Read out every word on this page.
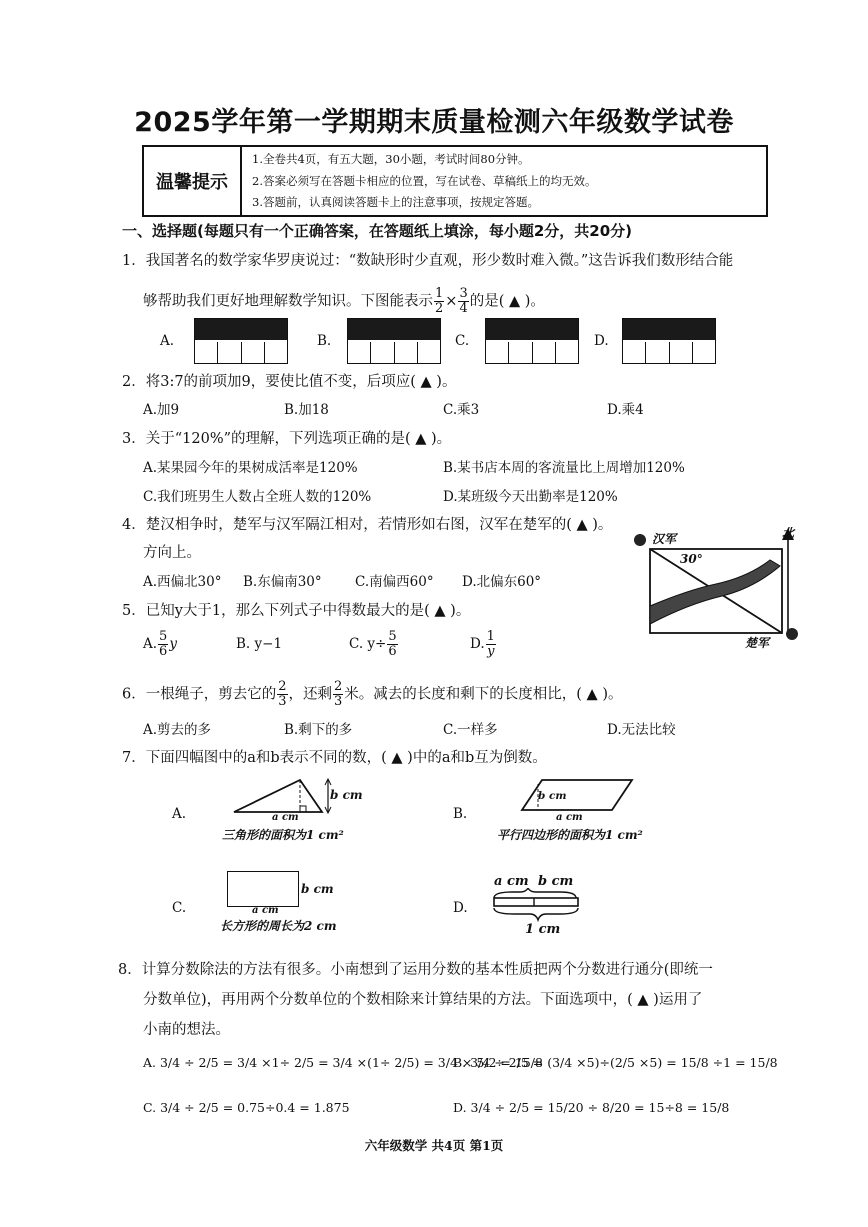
2025学年第一学期期末质量检测六年级数学试卷
温馨提示
1.全卷共4页，有五大题，30小题，考试时间80分钟。
2.答案必须写在答题卡相应的位置，写在试卷、草稿纸上的均无效。
3.答题前，认真阅读答题卡上的注意事项，按规定答题。
一、选择题(每题只有一个正确答案，在答题纸上填涂，每小题2分，共20分)
1．我国著名的数学家华罗庚说过：“数缺形时少直观，形少数时难入微。”这告诉我们数形结合能
够帮助我们更好地理解数学知识。下图能表示 $\frac{1}{2} \times \frac{3}{4}$ 的是( ▲ )。
A.	B.	C.	D.
2．将3:7的前项加9，要使比值不变，后项应( ▲ )。
A.加9	B.加18	C.乘3	D.乘4
3．关于“120%”的理解，下列选项正确的是( ▲ )。
A.某果园今年的果树成活率是120%	B.某书店本周的客流量比上周增加120%
C.我们班男生人数占全班人数的120%	D.某班级今天出勤率是120%
4．楚汉相争时，楚军与汉军隔江相对，若情形如右图，汉军在楚军的( ▲ )。
方向上。
A.西偏北30° B.东偏南30° C.南偏西60° D.北偏东60°
汉军
30°
北
楚军
5．已知y大于1，那么下列式子中得数最大的是( ▲ )。
A. $\frac{5}{6}$ y	B. y−1	C. $y\div \frac{5}{6}$	D. $\frac{1}{y}$
6．一根绳子，剪去它的 $\frac{2}{3}$ ，还剩 $\frac{2}{3}$ 米。减去的长度和剩下的长度相比，( ▲ )。
A.剪去的多	B.剩下的多	C.一样多	D.无法比较
7．下面四幅图中的a和b表示不同的数，( ▲ )中的a和b互为倒数。
A.
b cm
a cm
三角形的面积为1 cm²
B.
b cm
a cm
平行四边形的面积为1 cm²
C.
b cm
a cm
长方形的周长为2 cm
D.
a cm b cm
1 cm
8．计算分数除法的方法有很多。小南想到了运用分数的基本性质把两个分数进行通分(即统一
分数单位)，再用两个分数单位的个数相除来计算结果的方法。下面选项中，( ▲ )运用了
小南的想法。
A. 3/4 ÷ 2/5 = 3/4 ×1÷ 2/5 = 3/4 ×(1÷ 2/5) = 3/4 × 5/2 = 15/8
B. 3/4 ÷ 2/5 = (3/4 ×5)÷(2/5 ×5) = 15/8 ÷1 = 15/8
C. 3/4 ÷ 2/5 = 0.75÷0.4 = 1.875	D. 3/4 ÷ 2/5 = 15/20 ÷ 8/20 = 15÷8 = 15/8
六年级数学 共4页 第1页
